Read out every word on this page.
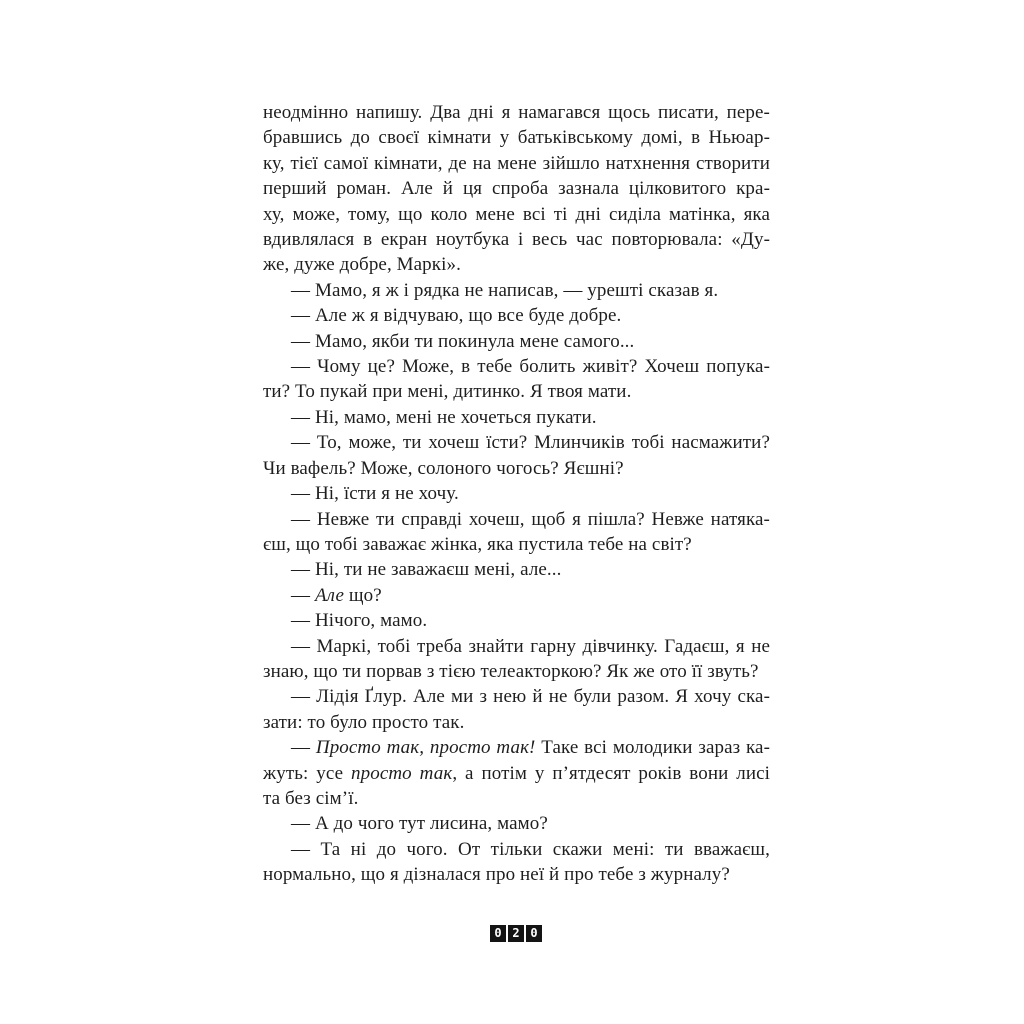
неодмінно напишу. Два дні я намагався щось писати, пере-
бравшись до своєї кімнати у батьківському домі, в Ньюар-
ку, тієї самої кімнати, де на мене зійшло натхнення створити
перший роман. Але й ця спроба зазнала цілковитого кра-
ху, може, тому, що коло мене всі ті дні сиділа матінка, яка
вдивлялася в екран ноутбука і весь час повторювала: «Ду-
же, дуже добре, Маркі».
— Мамо, я ж і рядка не написав, — урешті сказав я.
— Але ж я відчуваю, що все буде добре.
— Мамо, якби ти покинула мене самого...
— Чому це? Може, в тебе болить живіт? Хочеш попука-
ти? То пукай при мені, дитинко. Я твоя мати.
— Ні, мамо, мені не хочеться пукати.
— То, може, ти хочеш їсти? Млинчиків тобі насмажити?
Чи вафель? Може, солоного чогось? Яєшні?
— Ні, їсти я не хочу.
— Невже ти справді хочеш, щоб я пішла? Невже натяка-
єш, що тобі заважає жінка, яка пустила тебе на світ?
— Ні, ти не заважаєш мені, але...
— Але що?
— Нічого, мамо.
— Маркі, тобі треба знайти гарну дівчинку. Гадаєш, я не
знаю, що ти порвав з тією телеакторкою? Як же ото її звуть?
— Лідія Ґлур. Але ми з нею й не були разом. Я хочу ска-
зати: то було просто так.
— Просто так, просто так! Таке всі молодики зараз ка-
жуть: усе просто так, а потім у п’ятдесят років вони лисі
та без сім’ї.
— А до чого тут лисина, мамо?
— Та ні до чого. От тільки скажи мені: ти вважаєш,
нормально, що я дізналася про неї й про тебе з журналу?
0 2 0
